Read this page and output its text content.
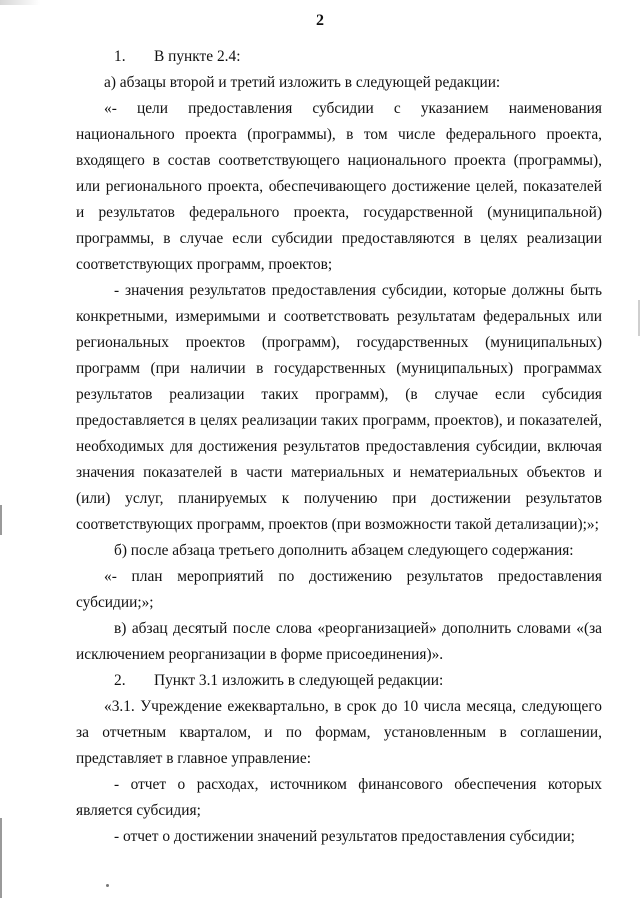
2

1. В пункте 2.4:

а) абзацы второй и третий изложить в следующей редакции:

«- цели предоставления субсидии с указанием наименования национального проекта (программы), в том числе федерального проекта, входящего в состав соответствующего национального проекта (программы), или регионального проекта, обеспечивающего достижение целей, показателей и результатов федерального проекта, государственной (муниципальной) программы, в случае если субсидии предоставляются в целях реализации соответствующих программ, проектов;

- значения результатов предоставления субсидии, которые должны быть конкретными, измеримыми и соответствовать результатам федеральных или региональных проектов (программ), государственных (муниципальных) программ (при наличии в государственных (муниципальных) программах результатов реализации таких программ), (в случае если субсидия предоставляется в целях реализации таких программ, проектов), и показателей, необходимых для достижения результатов предоставления субсидии, включая значения показателей в части материальных и нематериальных объектов и (или) услуг, планируемых к получению при достижении результатов соответствующих программ, проектов (при возможности такой детализации);»;

б) после абзаца третьего дополнить абзацем следующего содержания:

«- план мероприятий по достижению результатов предоставления субсидии;»;

в) абзац десятый после слова «реорганизацией» дополнить словами «(за исключением реорганизации в форме присоединения)».

2. Пункт 3.1 изложить в следующей редакции:

«3.1. Учреждение ежеквартально, в срок до 10 числа месяца, следующего за отчетным кварталом, и по формам, установленным в соглашении, представляет в главное управление:

- отчет о расходах, источником финансового обеспечения которых является субсидия;

- отчет о достижении значений результатов предоставления субсидии;
